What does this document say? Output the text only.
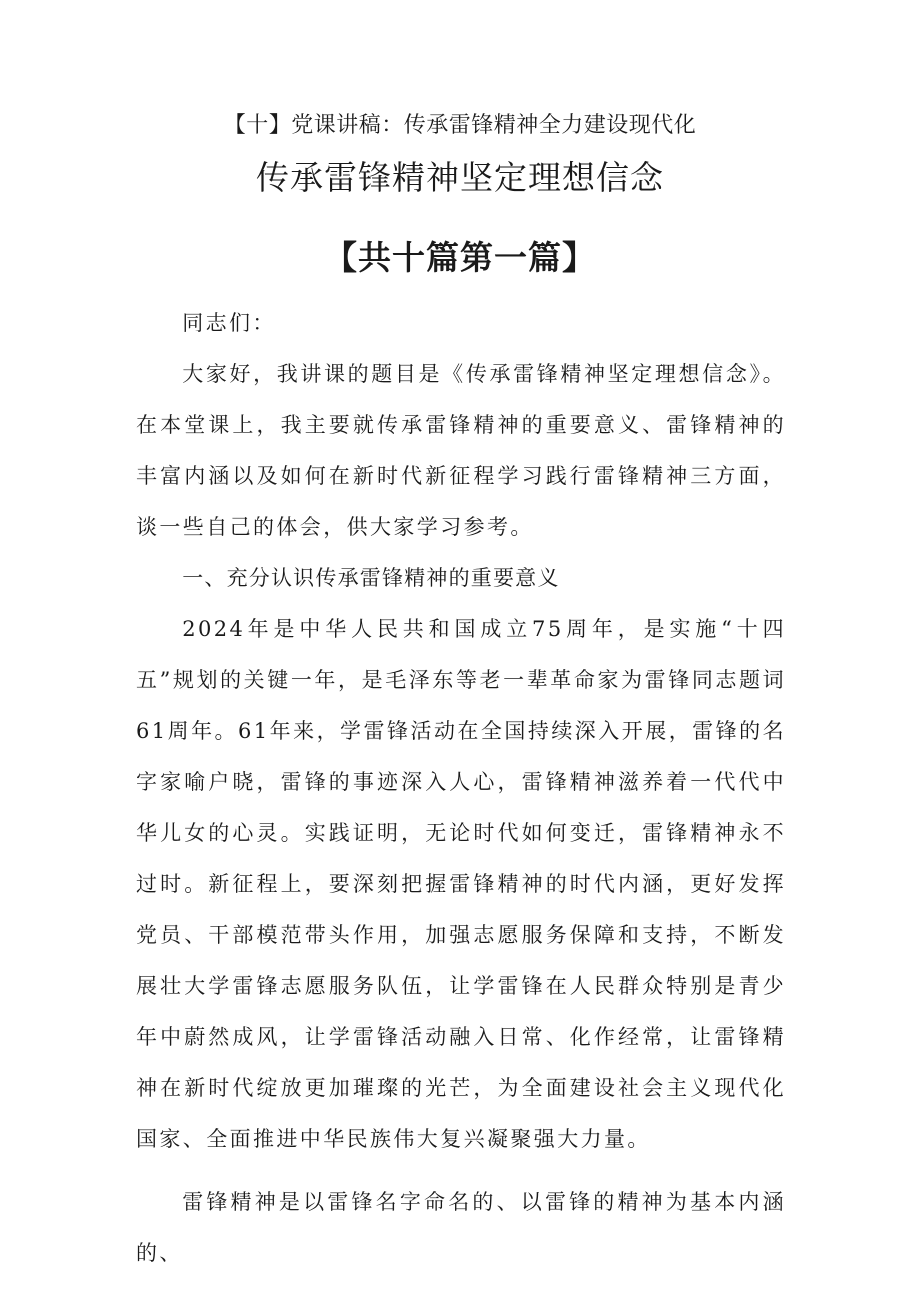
【十】党课讲稿：传承雷锋精神全力建设现代化
传承雷锋精神坚定理想信念
【共十篇第一篇】

同志们：

大家好，我讲课的题目是《传承雷锋精神坚定理想信念》。在本堂课上，我主要就传承雷锋精神的重要意义、雷锋精神的丰富内涵以及如何在新时代新征程学习践行雷锋精神三方面，谈一些自己的体会，供大家学习参考。

一、充分认识传承雷锋精神的重要意义

2024年是中华人民共和国成立75周年，是实施“十四五”规划的关键一年，是毛泽东等老一辈革命家为雷锋同志题词61周年。61年来，学雷锋活动在全国持续深入开展，雷锋的名字家喻户晓，雷锋的事迹深入人心，雷锋精神滋养着一代代中华儿女的心灵。实践证明，无论时代如何变迁，雷锋精神永不过时。新征程上，要深刻把握雷锋精神的时代内涵，更好发挥党员、干部模范带头作用，加强志愿服务保障和支持，不断发展壮大学雷锋志愿服务队伍，让学雷锋在人民群众特别是青少年中蔚然成风，让学雷锋活动融入日常、化作经常，让雷锋精神在新时代绽放更加璀璨的光芒，为全面建设社会主义现代化国家、全面推进中华民族伟大复兴凝聚强大力量。

雷锋精神是以雷锋名字命名的、以雷锋的精神为基本内涵的、
